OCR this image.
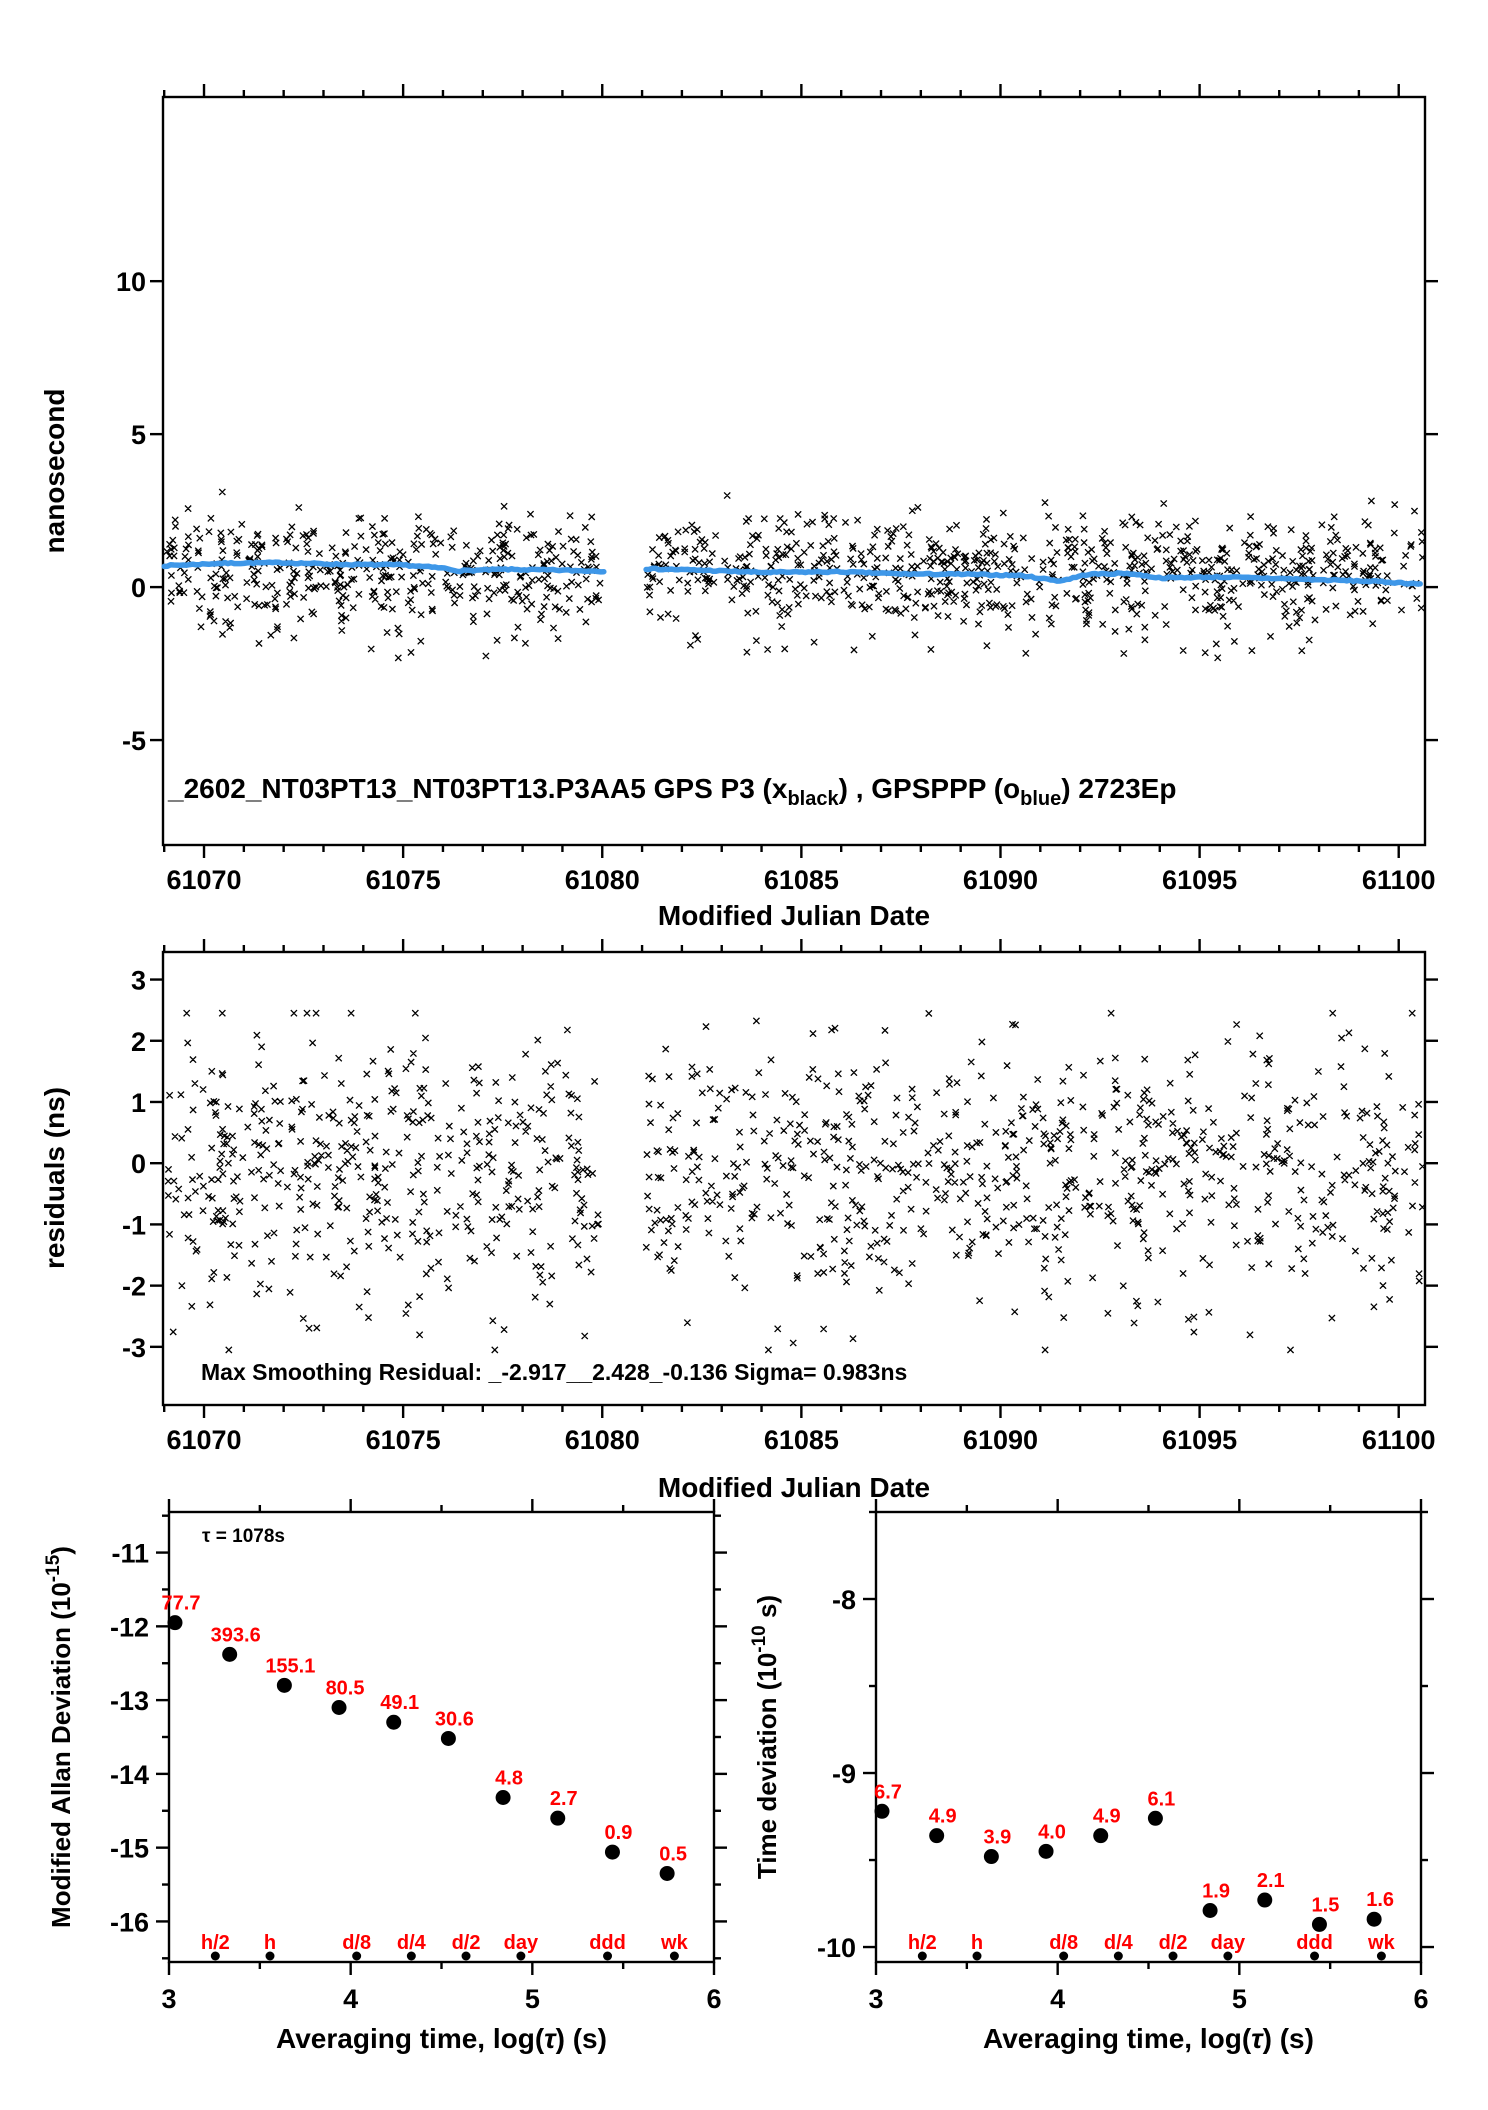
61070	61075	61080	61085	61090	61095	61100
-5
0
5
10
Modified Julian Date
nanosecond
_2602_NT03PT13_NT03PT13.P3AA5 GPS P3 $(x_{black})$ , GPSPPP $(o_{blue})$ 2723Ep
61070	61075	61080	61085	61090	61095	61100
-3
-2
-1
0
1
2
3
Modified Julian Date
residuals (ns)
Max Smoothing Residual: _-2.917__2.428_-0.136 Sigma= 0.983ns
3	4	5	6
-16
-15
-14
-13
-12
-11
Averaging time, log(τ) (s)
Modified Allan Deviation $(10^{-15})$
77.7
393.6
155.1
80.5
49.1
30.6
4.8
2.7
0.9
0.5
h/2 h	d/8 d/4 d/2 day	ddd wk
τ = 1078s
3	4	5	6
-10
-9
-8
Averaging time, log(τ) (s)
Time deviation ($10^{-10}$ s)
6.7
4.9
3.9 4.0
4.9
6.1
1.9 2.1
1.5 1.6
h/2 h	d/8 d/4 d/2 day	ddd wk
